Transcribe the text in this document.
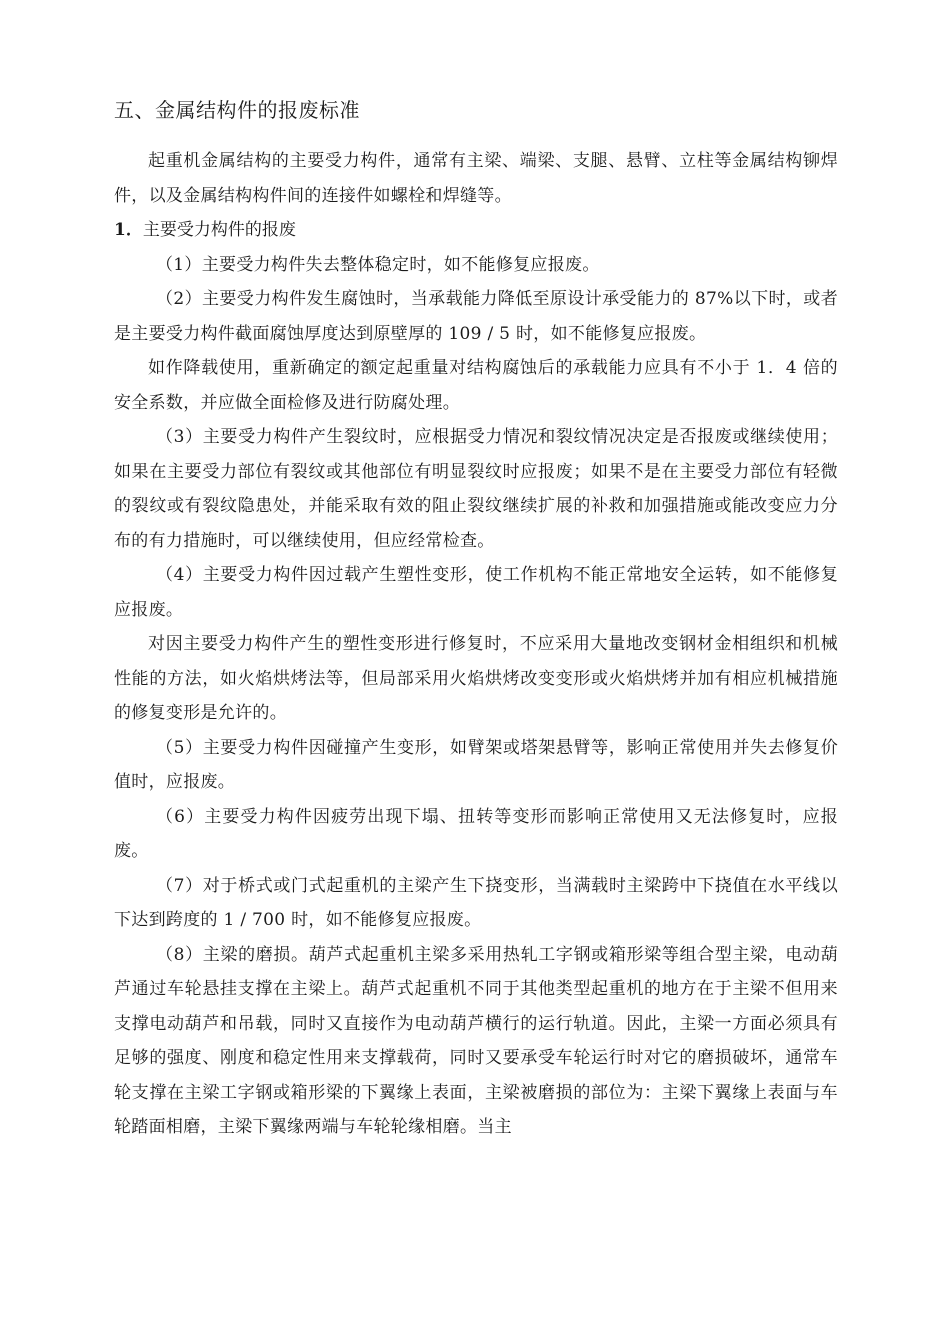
五、金属结构件的报废标准

起重机金属结构的主要受力构件，通常有主梁、端梁、支腿、悬臂、立柱等金属结构铆焊件，以及金属结构构件间的连接件如螺栓和焊缝等。

1．主要受力构件的报废

（1）主要受力构件失去整体稳定时，如不能修复应报废。

（2）主要受力构件发生腐蚀时，当承载能力降低至原设计承受能力的 87%以下时，或者是主要受力构件截面腐蚀厚度达到原壁厚的 109 / 5 时，如不能修复应报废。

如作降载使用，重新确定的额定起重量对结构腐蚀后的承载能力应具有不小于 1．4 倍的安全系数，并应做全面检修及进行防腐处理。

（3）主要受力构件产生裂纹时，应根据受力情况和裂纹情况决定是否报废或继续使用；如果在主要受力部位有裂纹或其他部位有明显裂纹时应报废；如果不是在主要受力部位有轻微的裂纹或有裂纹隐患处，并能采取有效的阻止裂纹继续扩展的补救和加强措施或能改变应力分布的有力措施时，可以继续使用，但应经常检查。

（4）主要受力构件因过载产生塑性变形，使工作机构不能正常地安全运转，如不能修复应报废。

对因主要受力构件产生的塑性变形进行修复时，不应采用大量地改变钢材金相组织和机械性能的方法，如火焰烘烤法等，但局部采用火焰烘烤改变变形或火焰烘烤并加有相应机械措施的修复变形是允许的。

（5）主要受力构件因碰撞产生变形，如臂架或塔架悬臂等，影响正常使用并失去修复价值时，应报废。

（6）主要受力构件因疲劳出现下塌、扭转等变形而影响正常使用又无法修复时，应报废。

（7）对于桥式或门式起重机的主梁产生下挠变形，当满载时主梁跨中下挠值在水平线以下达到跨度的 1 / 700 时，如不能修复应报废。

（8）主梁的磨损。葫芦式起重机主梁多采用热轧工字钢或箱形梁等组合型主梁，电动葫芦通过车轮悬挂支撑在主梁上。葫芦式起重机不同于其他类型起重机的地方在于主梁不但用来支撑电动葫芦和吊载，同时又直接作为电动葫芦横行的运行轨道。因此，主梁一方面必须具有足够的强度、刚度和稳定性用来支撑载荷，同时又要承受车轮运行时对它的磨损破坏，通常车轮支撑在主梁工字钢或箱形梁的下翼缘上表面，主梁被磨损的部位为：主梁下翼缘上表面与车轮踏面相磨，主梁下翼缘两端与车轮轮缘相磨。当主
